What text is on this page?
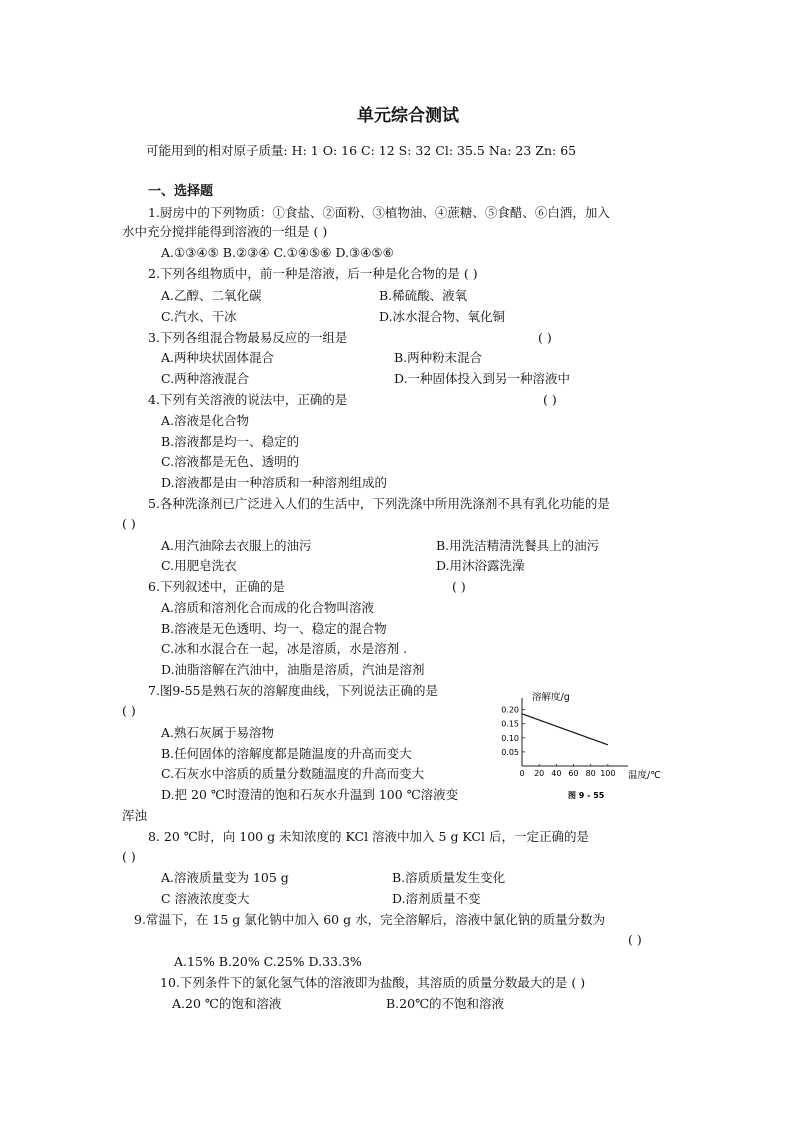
单元综合测试
可能用到的相对原子质量: H: 1 O: 16 C: 12 S: 32 Cl: 35.5 Na: 23 Zn: 65
一、选择题
1.厨房中的下列物质：①食盐、②面粉、③植物油、④蔗糖、⑤食醋、⑥白酒，加入
水中充分搅拌能得到溶液的一组是 ( )
A.①③④⑤ B.②③④ C.①④⑤⑥ D.③④⑤⑥
2.下列各组物质中，前一种是溶液，后一种是化合物的是 ( )
A.乙醇、二氧化碳	B.稀硫酸、液氧
C.汽水、干冰	D.冰水混合物、氧化铜
3.下列各组混合物最易反应的一组是	( )
A.两种块状固体混合	B.两种粉末混合
C.两种溶液混合	D.一种固体投入到另一种溶液中
4.下列有关溶液的说法中，正确的是	( )
A.溶液是化合物
B.溶液都是均一、稳定的
C.溶液都是无色、透明的
D.溶液都是由一种溶质和一种溶剂组成的
5.各种洗涤剂已广泛进入人们的生活中，下列洗涤中所用洗涤剂不具有乳化功能的是
( )
A.用汽油除去衣服上的油污	B.用洗洁精清洗餐具上的油污
C.用肥皂洗衣	D.用沐浴露洗澡
6.下列叙述中，正确的是	( )
A.溶质和溶剂化合而成的化合物叫溶液
B.溶液是无色透明、均一、稳定的混合物
C.冰和水混合在一起，冰是溶质，水是溶剂 .
D.油脂溶解在汽油中，油脂是溶质，汽油是溶剂
7.图9-55是熟石灰的溶解度曲线，下列说法正确的是
( )
A.熟石灰属于易溶物
B.任何固体的溶解度都是随温度的升高而变大
C.石灰水中溶质的质量分数随温度的升高而变大
D.把 20 ℃时澄清的饱和石灰水升温到 100 ℃溶液变
浑浊
0 20 40 60 80 100
0.20
0.15
0.10
0.05
溶解度/g
温度/℃
图 9 - 55
8. 20 ℃时，向 100 g 未知浓度的 KCl 溶液中加入 5 g KCl 后，一定正确的是
( )
A.溶液质量变为 105 g	B.溶质质量发生变化
C 溶液浓度变大	D.溶剂质量不变
9.常温下，在 15 g 氯化钠中加入 60 g 水，完全溶解后，溶液中氯化钠的质量分数为
( )
A.15% B.20% C.25% D.33.3%
10.下列条件下的氯化氢气体的溶液即为盐酸，其溶质的质量分数最大的是 ( )
A.20 ℃的饱和溶液	B.20℃的不饱和溶液
